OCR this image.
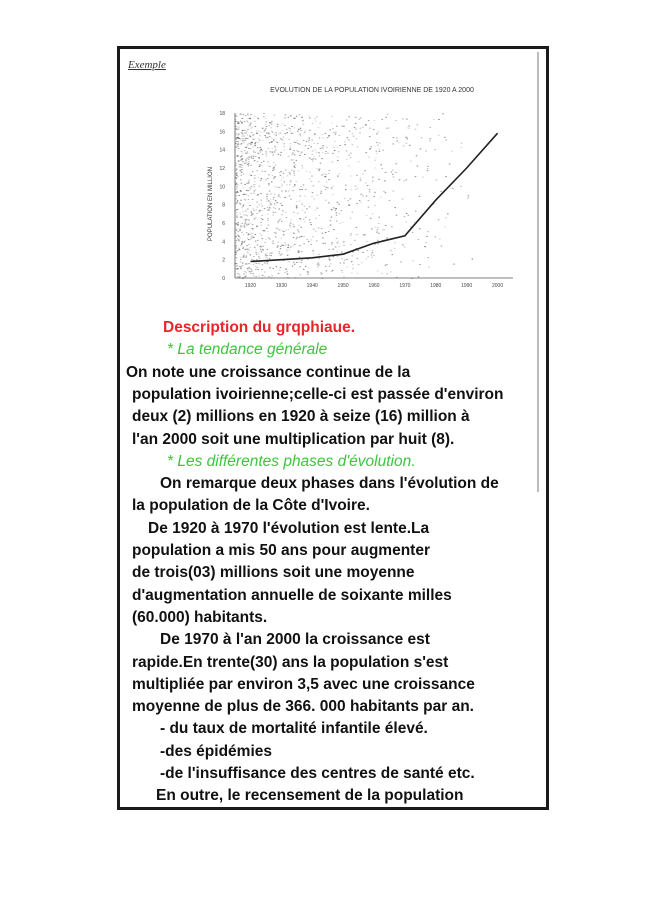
Exemple
EVOLUTION DE LA POPULATION IVOIRIENNE DE 1920 A 2000
POPULATION EN MILLION
0
2
4
6
8
10
12
14
16
18
1920	1930	1940	1950	1960	1970	1980	1990	2000
Description du grqphiaue.
* La tendance générale
On note une croissance continue de la
population ivoirienne;celle-ci est passée d'environ
deux (2) millions en 1920 à seize (16) million à
l'an 2000 soit une multiplication par huit (8).
* Les différentes phases d'évolution.
On remarque deux phases dans l'évolution de
la population de la Côte d'Ivoire.
De 1920 à 1970 l'évolution est lente.La
population a mis 50 ans pour augmenter
de trois(03) millions soit une moyenne
d'augmentation annuelle de soixante milles
(60.000) habitants.
De 1970 à l'an 2000 la croissance est
rapide.En trente(30) ans la population s'est
multipliée par environ 3,5 avec une croissance
moyenne de plus de 366. 000 habitants par an.
- du taux de mortalité infantile élevé.
-des épidémies
-de l'insuffisance des centres de santé etc.
En outre, le recensement de la population
